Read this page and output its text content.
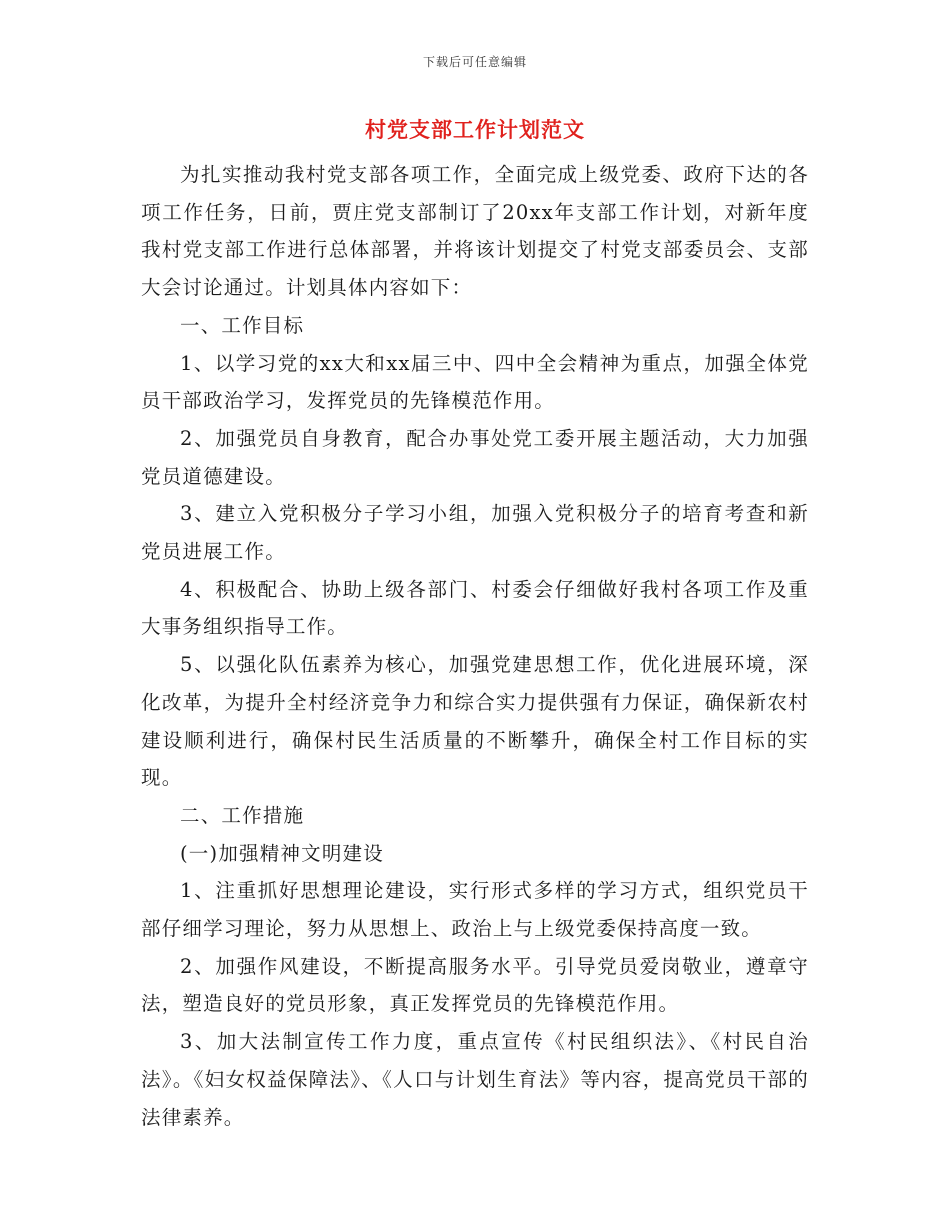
下载后可任意编辑
村党支部工作计划范文

为扎实推动我村党支部各项工作，全面完成上级党委、政府下达的各项工作任务，日前，贾庄党支部制订了20xx年支部工作计划，对新年度我村党支部工作进行总体部署，并将该计划提交了村党支部委员会、支部大会讨论通过。计划具体内容如下：

一、工作目标

1、以学习党的xx大和xx届三中、四中全会精神为重点，加强全体党员干部政治学习，发挥党员的先锋模范作用。

2、加强党员自身教育，配合办事处党工委开展主题活动，大力加强党员道德建设。

3、建立入党积极分子学习小组，加强入党积极分子的培育考查和新党员进展工作。

4、积极配合、协助上级各部门、村委会仔细做好我村各项工作及重大事务组织指导工作。

5、以强化队伍素养为核心，加强党建思想工作，优化进展环境，深化改革，为提升全村经济竞争力和综合实力提供强有力保证，确保新农村建设顺利进行，确保村民生活质量的不断攀升，确保全村工作目标的实现。

二、工作措施

(一)加强精神文明建设

1、注重抓好思想理论建设，实行形式多样的学习方式，组织党员干部仔细学习理论，努力从思想上、政治上与上级党委保持高度一致。

2、加强作风建设，不断提高服务水平。引导党员爱岗敬业，遵章守法，塑造良好的党员形象，真正发挥党员的先锋模范作用。

3、加大法制宣传工作力度，重点宣传《村民组织法》、《村民自治法》。《妇女权益保障法》、《人口与计划生育法》等内容，提高党员干部的法律素养。
